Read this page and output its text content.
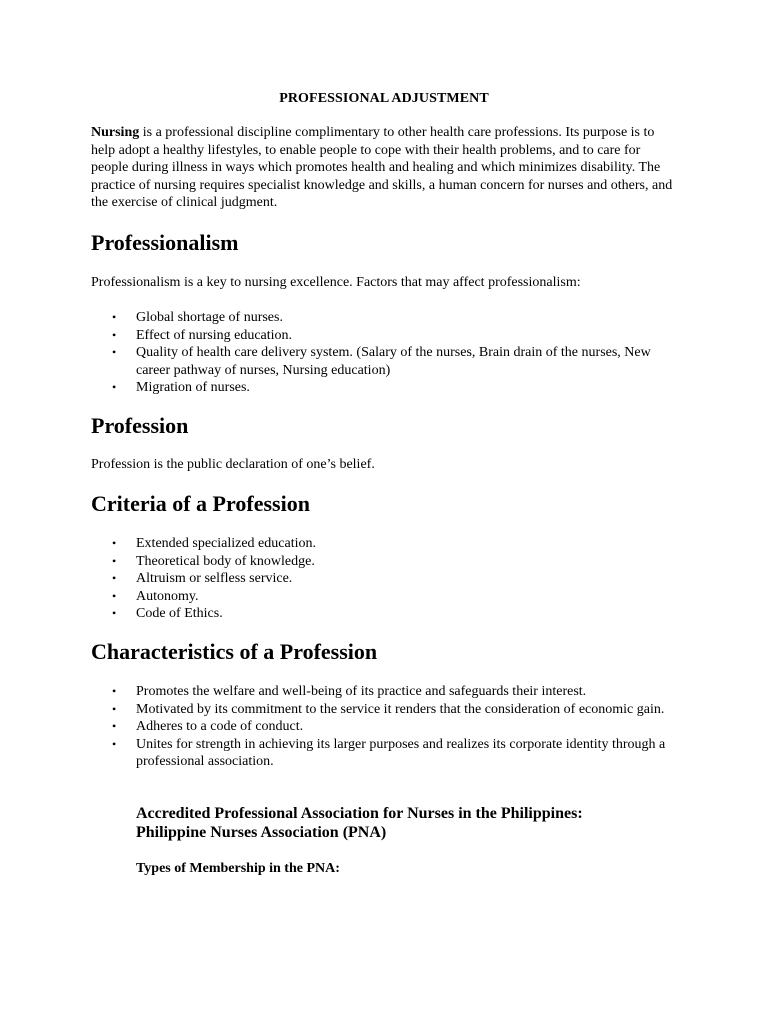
PROFESSIONAL ADJUSTMENT

Nursing is a professional discipline complimentary to other health care professions. Its purpose is to help adopt a healthy lifestyles, to enable people to cope with their health problems, and to care for people during illness in ways which promotes health and healing and which minimizes disability. The practice of nursing requires specialist knowledge and skills, a human concern for nurses and others, and the exercise of clinical judgment.

Professionalism

Professionalism is a key to nursing excellence. Factors that may affect professionalism:

• Global shortage of nurses.
• Effect of nursing education.
• Quality of health care delivery system. (Salary of the nurses, Brain drain of the nurses, New career pathway of nurses, Nursing education)
• Migration of nurses.
Profession

Profession is the public declaration of one’s belief.

Criteria of a Profession
• Extended specialized education.
• Theoretical body of knowledge.
• Altruism or selfless service.
• Autonomy.
• Code of Ethics.
Characteristics of a Profession
• Promotes the welfare and well-being of its practice and safeguards their interest.
• Motivated by its commitment to the service it renders that the consideration of economic gain.
• Adheres to a code of conduct.
• Unites for strength in achieving its larger purposes and realizes its corporate identity through a professional association.
Accredited Professional Association for Nurses in the Philippines:
Philippine Nurses Association (PNA)
Types of Membership in the PNA:
